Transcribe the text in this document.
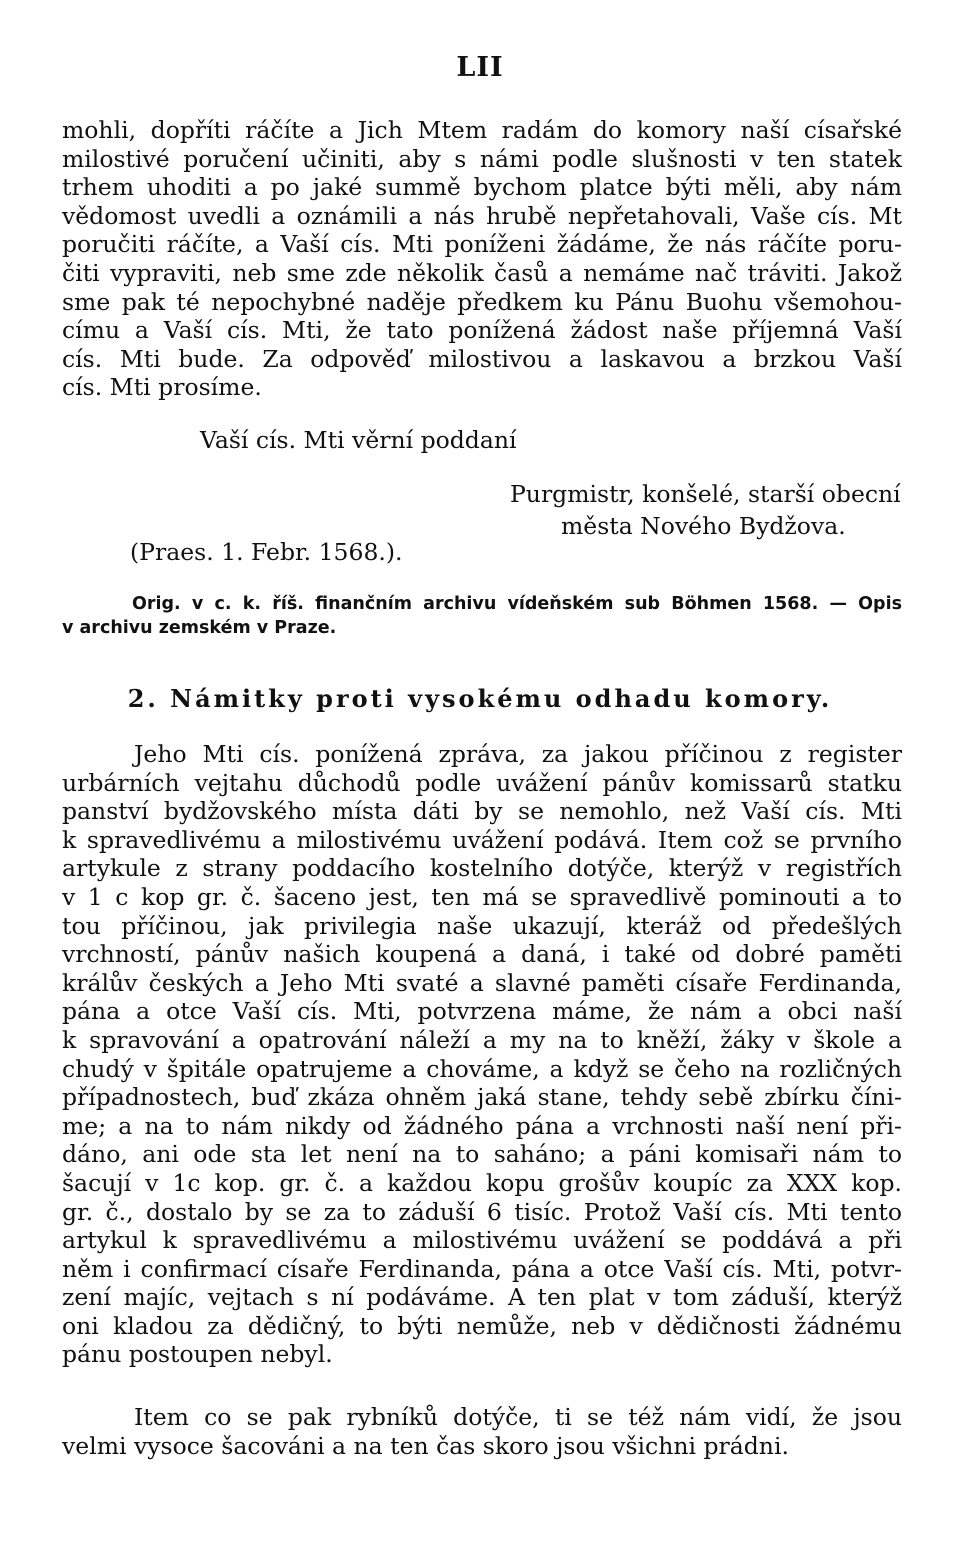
LII
mohli, dopříti ráčíte a Jich Mtem radám do komory naší císařské
milostivé poručení učiniti, aby s námi podle slušnosti v ten statek
trhem uhoditi a po jaké summě bychom platce býti měli, aby nám
vědomost uvedli a oznámili a nás hrubě nepřetahovali, Vaše cís. Mt
poručiti ráčíte, a Vaší cís. Mti poníženi žádáme, že nás ráčíte poru-
čiti vypraviti, neb sme zde několik časů a nemáme nač tráviti. Jakož
sme pak té nepochybné naděje předkem ku Pánu Buohu všemohou-
címu a Vaší cís. Mti, že tato ponížená žádost naše příjemná Vaší
cís. Mti bude. Za odpověď milostivou a laskavou a brzkou Vaší
cís. Mti prosíme.
Vaší cís. Mti věrní poddaní
Purgmistr, konšelé, starší obecní
města Nového Bydžova.
(Praes. 1. Febr. 1568.).
Orig. v c. k. říš. finančním archivu vídeňském sub Böhmen 1568. — Opis
v archivu zemském v Praze.
2. Námitky proti vysokému odhadu komory.
Jeho Mti cís. ponížená zpráva, za jakou příčinou z register
urbárních vejtahu důchodů podle uvážení pánův komissarů statku
panství bydžovského místa dáti by se nemohlo, než Vaší cís. Mti
k spravedlivému a milostivému uvážení podává. Item což se prvního
artykule z strany poddacího kostelního dotýče, kterýž v registřích
v 1 c kop gr. č. šaceno jest, ten má se spravedlivě pominouti a to
tou příčinou, jak privilegia naše ukazují, kteráž od předešlých
vrchností, pánův našich koupená a daná, i také od dobré paměti
králův českých a Jeho Mti svaté a slavné paměti císaře Ferdinanda,
pána a otce Vaší cís. Mti, potvrzena máme, že nám a obci naší
k spravování a opatrování náleží a my na to kněží, žáky v škole a
chudý v špitále opatrujeme a chováme, a když se čeho na rozličných
případnostech, buď zkáza ohněm jaká stane, tehdy sebě zbírku číni-
me; a na to nám nikdy od žádného pána a vrchnosti naší není při-
dáno, ani ode sta let není na to saháno; a páni komisaři nám to
šacují v 1c kop. gr. č. a každou kopu grošův koupíc za XXX kop.
gr. č., dostalo by se za to záduší 6 tisíc. Protož Vaší cís. Mti tento
artykul k spravedlivému a milostivému uvážení se poddává a při
něm i confirmací císaře Ferdinanda, pána a otce Vaší cís. Mti, potvr-
zení majíc, vejtach s ní podáváme. A ten plat v tom záduší, kterýž
oni kladou za dědičný, to býti nemůže, neb v dědičnosti žádnému
pánu postoupen nebyl.
Item co se pak rybníků dotýče, ti se též nám vidí, že jsou
velmi vysoce šacováni a na ten čas skoro jsou všichni prádni.
